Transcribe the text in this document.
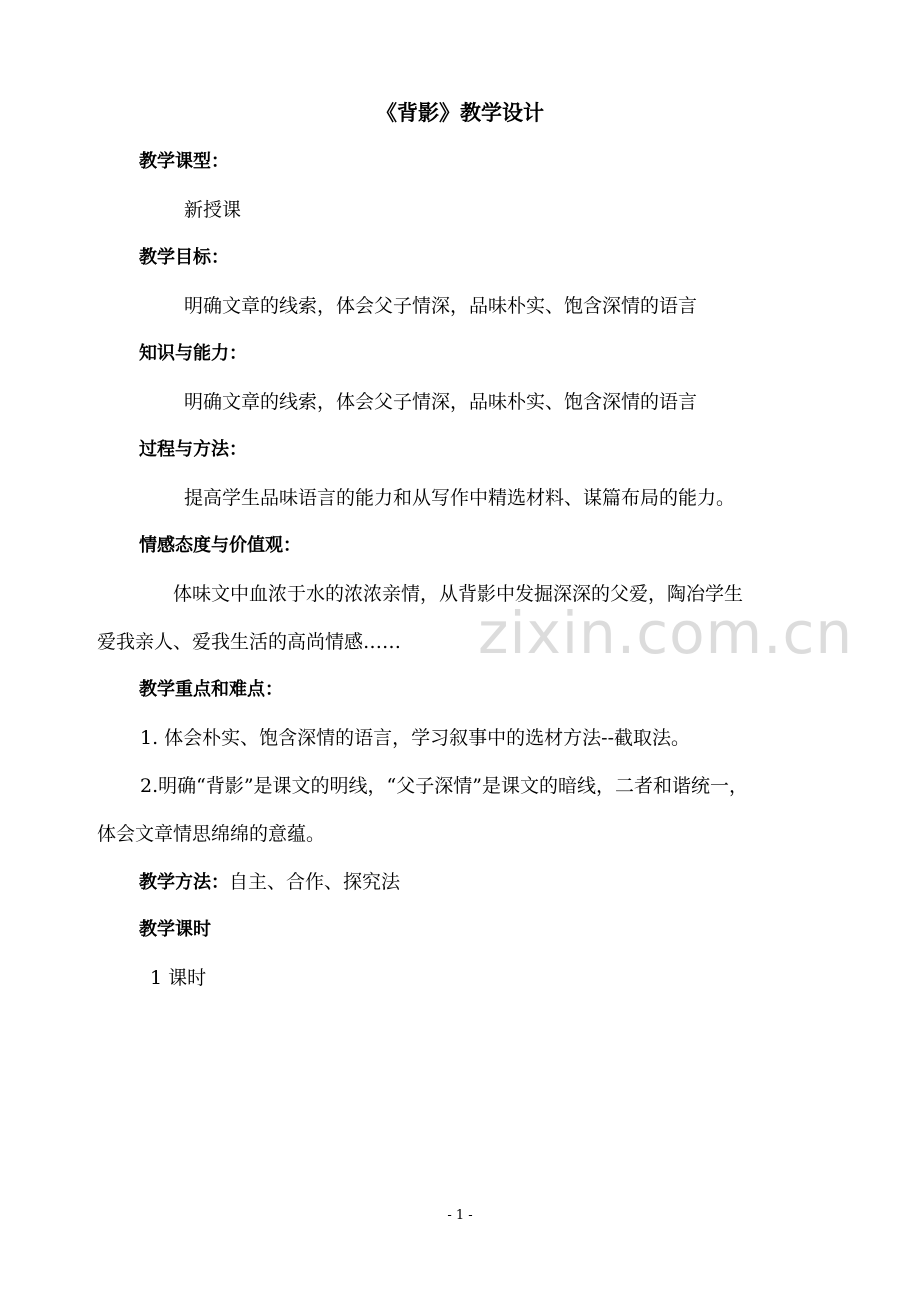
《背影》教学设计
教学课型：
新授课
教学目标：
明确文章的线索，体会父子情深，品味朴实、饱含深情的语言
知识与能力：
明确文章的线索，体会父子情深，品味朴实、饱含深情的语言
过程与方法：
提高学生品味语言的能力和从写作中精选材料、谋篇布局的能力。
情感态度与价值观：
体味文中血浓于水的浓浓亲情，从背影中发掘深深的父爱，陶冶学生
爱我亲人、爱我生活的高尚情感…… zixin.com.cn
教学重点和难点：
1. 体会朴实、饱含深情的语言，学习叙事中的选材方法--截取法。
2.明确“背影”是课文的明线，“父子深情”是课文的暗线，二者和谐统一，
体会文章情思绵绵的意蕴。
教学方法：自主、合作、探究法
教学课时
1 课时
- 1 -
